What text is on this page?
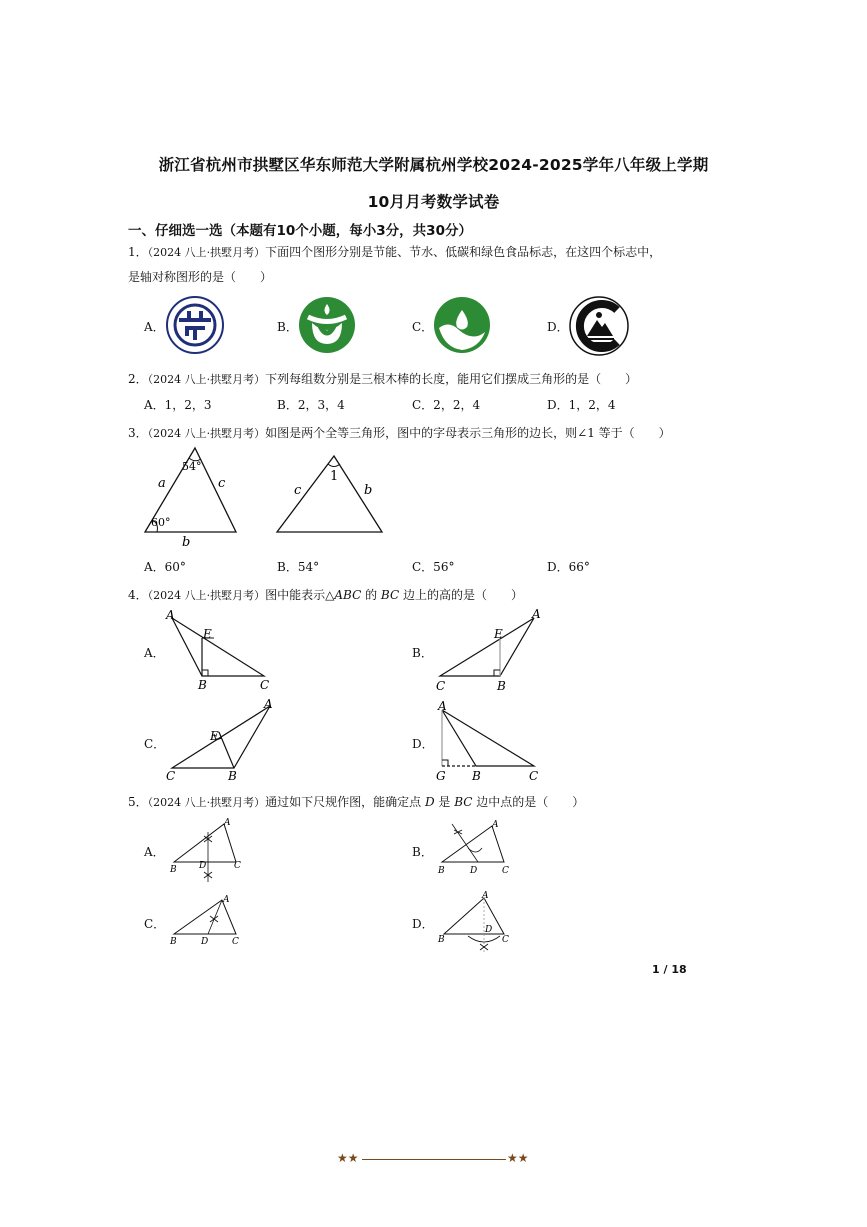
浙江省杭州市拱墅区华东师范大学附属杭州学校2024-2025学年八年级上学期
10月月考数学试卷
一、仔细选一选（本题有10个小题，每小3分，共30分）
1．（2024 八上·拱墅月考）下面四个图形分别是节能、节水、低碳和绿色食品标志，在这四个标志中，
是轴对称图形的是（　　）
A．	B．	C．	D．
2．（2024 八上·拱墅月考）下列每组数分别是三根木棒的长度，能用它们摆成三角形的是（　　）
A．1，2，3	B．2，3，4	C．2，2，4	D．1，2，4
3．（2024 八上·拱墅月考）如图是两个全等三角形，图中的字母表示三角形的边长，则∠1 等于（　　）
54°
60°
a	c
b
1
c	b
A．60°	B．54°	C．56°	D．66°
4．（2024 八上·拱墅月考）图中能表示△ABC 的 BC 边上的高的是（　　）
A．
A
E
B	C
B．
A
E
C	B
C．
A
E
C	B
D．
A
G B	C
5．（2024 八上·拱墅月考）通过如下尺规作图，能确定点 D 是 BC 边中点的是（　　）
A．
A
B D	C
B．
A
B	D	C
C．
A
B	D	C
D．
A
B
D
C
1 / 18
★★	★★
